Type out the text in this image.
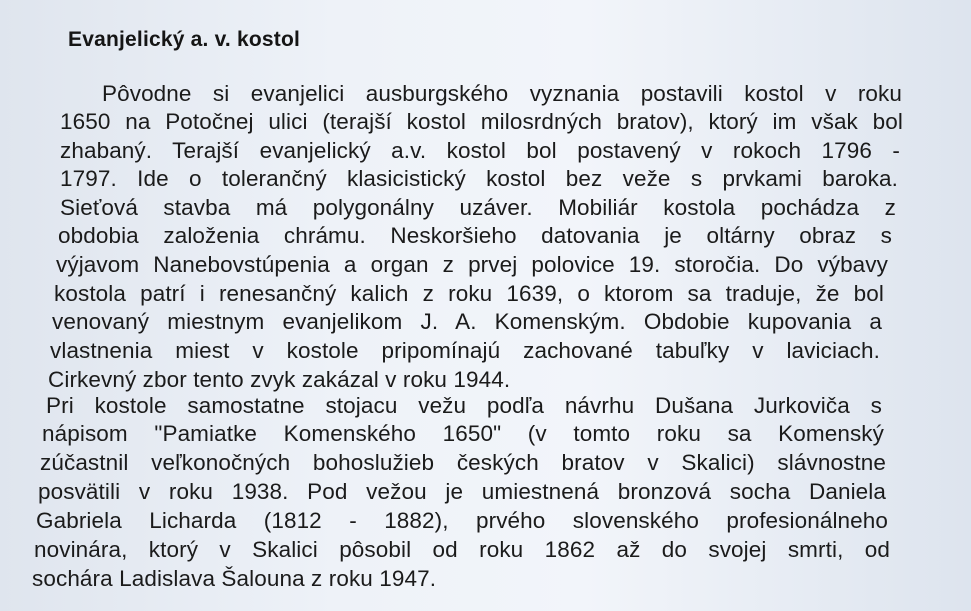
Evanjelický a. v. kostol
Pôvodne si evanjelici ausburgského vyznania postavili kostol v roku
1650 na Potočnej ulici (terajší kostol milosrdných bratov), ktorý im však bol
zhabaný. Terajší evanjelický a.v. kostol bol postavený v rokoch 1796 -
1797. Ide o tolerančný klasicistický kostol bez veže s prvkami baroka.
Sieťová stavba má polygonálny uzáver. Mobiliár kostola pochádza z
obdobia založenia chrámu. Neskoršieho datovania je oltárny obraz s
výjavom Nanebovstúpenia a organ z prvej polovice 19. storočia. Do výbavy
kostola patrí i renesančný kalich z roku 1639, o ktorom sa traduje, že bol
venovaný miestnym evanjelikom J. A. Komenským. Obdobie kupovania a
vlastnenia miest v kostole pripomínajú zachované tabuľky v laviciach.
Cirkevný zbor tento zvyk zakázal v roku 1944.
Pri kostole samostatne stojacu vežu podľa návrhu Dušana Jurkoviča s
nápisom "Pamiatke Komenského 1650" (v tomto roku sa Komenský
zúčastnil veľkonočných bohoslužieb českých bratov v Skalici) slávnostne
posvätili v roku 1938. Pod vežou je umiestnená bronzová socha Daniela
Gabriela Licharda (1812 - 1882), prvého slovenského profesionálneho
novinára, ktorý v Skalici pôsobil od roku 1862 až do svojej smrti, od
sochára Ladislava Šalouna z roku 1947.
